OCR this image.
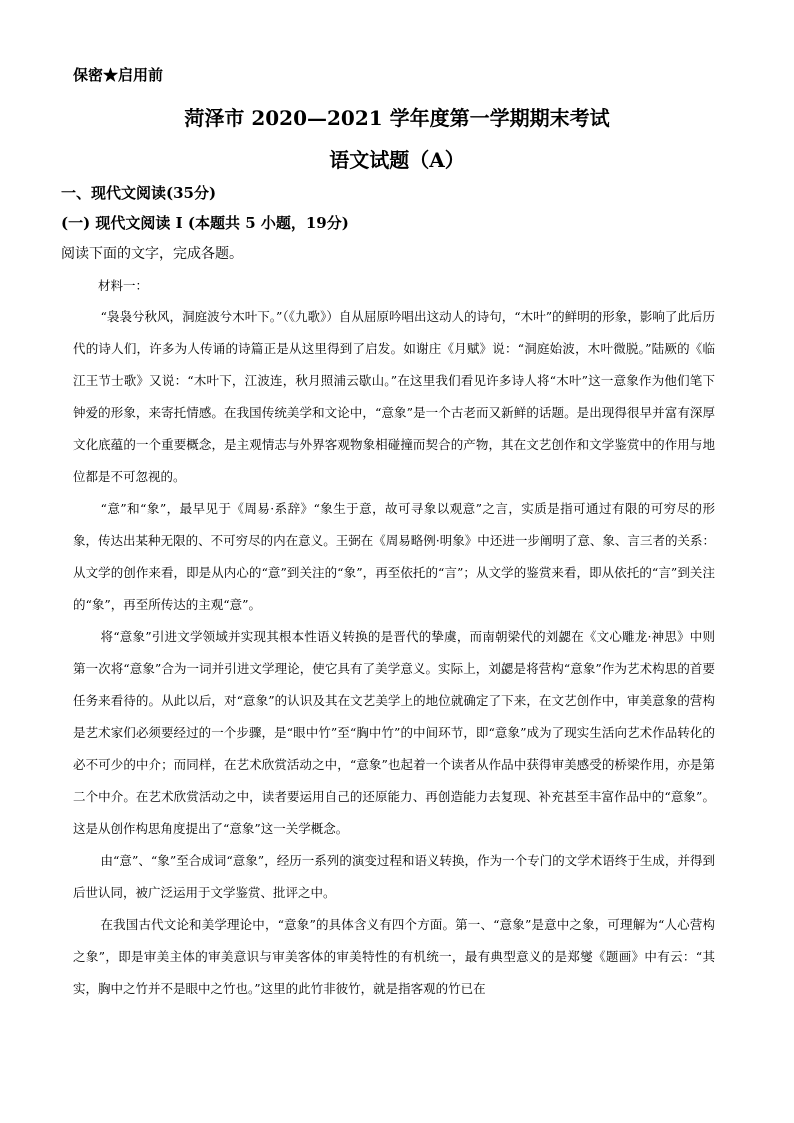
保密★启用前
菏泽市 2020—2021 学年度第一学期期末考试
语文试题（A）
一、现代文阅读(35分)
(一) 现代文阅读 I (本题共 5 小题，19分)
阅读下面的文字，完成各题。
材料一：

“袅袅兮秋风，洞庭波兮木叶下。”（《九歌》）自从屈原吟唱出这动人的诗句，“木叶”的鲜明的形象，影响了此后历代的诗人们，许多为人传诵的诗篇正是从这里得到了启发。如谢庄《月赋》说：“洞庭始波，木叶微脱。”陆厥的《临江王节士歌》又说：“木叶下，江波连，秋月照浦云歇山。”在这里我们看见许多诗人将“木叶”这一意象作为他们笔下钟爱的形象，来寄托情感。在我国传统美学和文论中，“意象”是一个古老而又新鲜的话题。是出现得很早并富有深厚文化底蕴的一个重要概念，是主观情志与外界客观物象相碰撞而契合的产物，其在文艺创作和文学鉴赏中的作用与地位都是不可忽视的。

“意”和“象”，最早见于《周易·系辞》“象生于意，故可寻象以观意”之言，实质是指可通过有限的可穷尽的形象，传达出某种无限的、不可穷尽的内在意义。王弼在《周易略例·明象》中还进一步阐明了意、象、言三者的关系：从文学的创作来看，即是从内心的“意”到关注的“象”，再至依托的“言”；从文学的鉴赏来看，即从依托的“言”到关注的“象”，再至所传达的主观“意”。

将“意象”引进文学领域并实现其根本性语义转换的是晋代的挚虞，而南朝梁代的刘勰在《文心雕龙·神思》中则第一次将“意象”合为一词并引进文学理论，使它具有了美学意义。实际上，刘勰是将营构“意象”作为艺术构思的首要任务来看待的。从此以后，对“意象”的认识及其在文艺美学上的地位就确定了下来，在文艺创作中，审美意象的营构是艺术家们必须要经过的一个步骤，是“眼中竹”至“胸中竹”的中间环节，即“意象”成为了现实生活向艺术作品转化的必不可少的中介；而同样，在艺术欣赏活动之中，“意象”也起着一个读者从作品中获得审美感受的桥梁作用，亦是第二个中介。在艺术欣赏活动之中，读者要运用自己的还原能力、再创造能力去复现、补充甚至丰富作品中的“意象”。这是从创作构思角度提出了“意象”这一关学概念。

由“意”、“象”至合成词“意象”，经历一系列的演变过程和语义转换，作为一个专门的文学术语终于生成，并得到后世认同，被广泛运用于文学鉴赏、批评之中。

在我国古代文论和美学理论中，“意象”的具体含义有四个方面。第一、“意象”是意中之象，可理解为“人心营构之象”，即是审美主体的审美意识与审美客体的审美特性的有机统一，最有典型意义的是郑燮《题画》中有云：“其实，胸中之竹并不是眼中之竹也。”这里的此竹非彼竹，就是指客观的竹已在
